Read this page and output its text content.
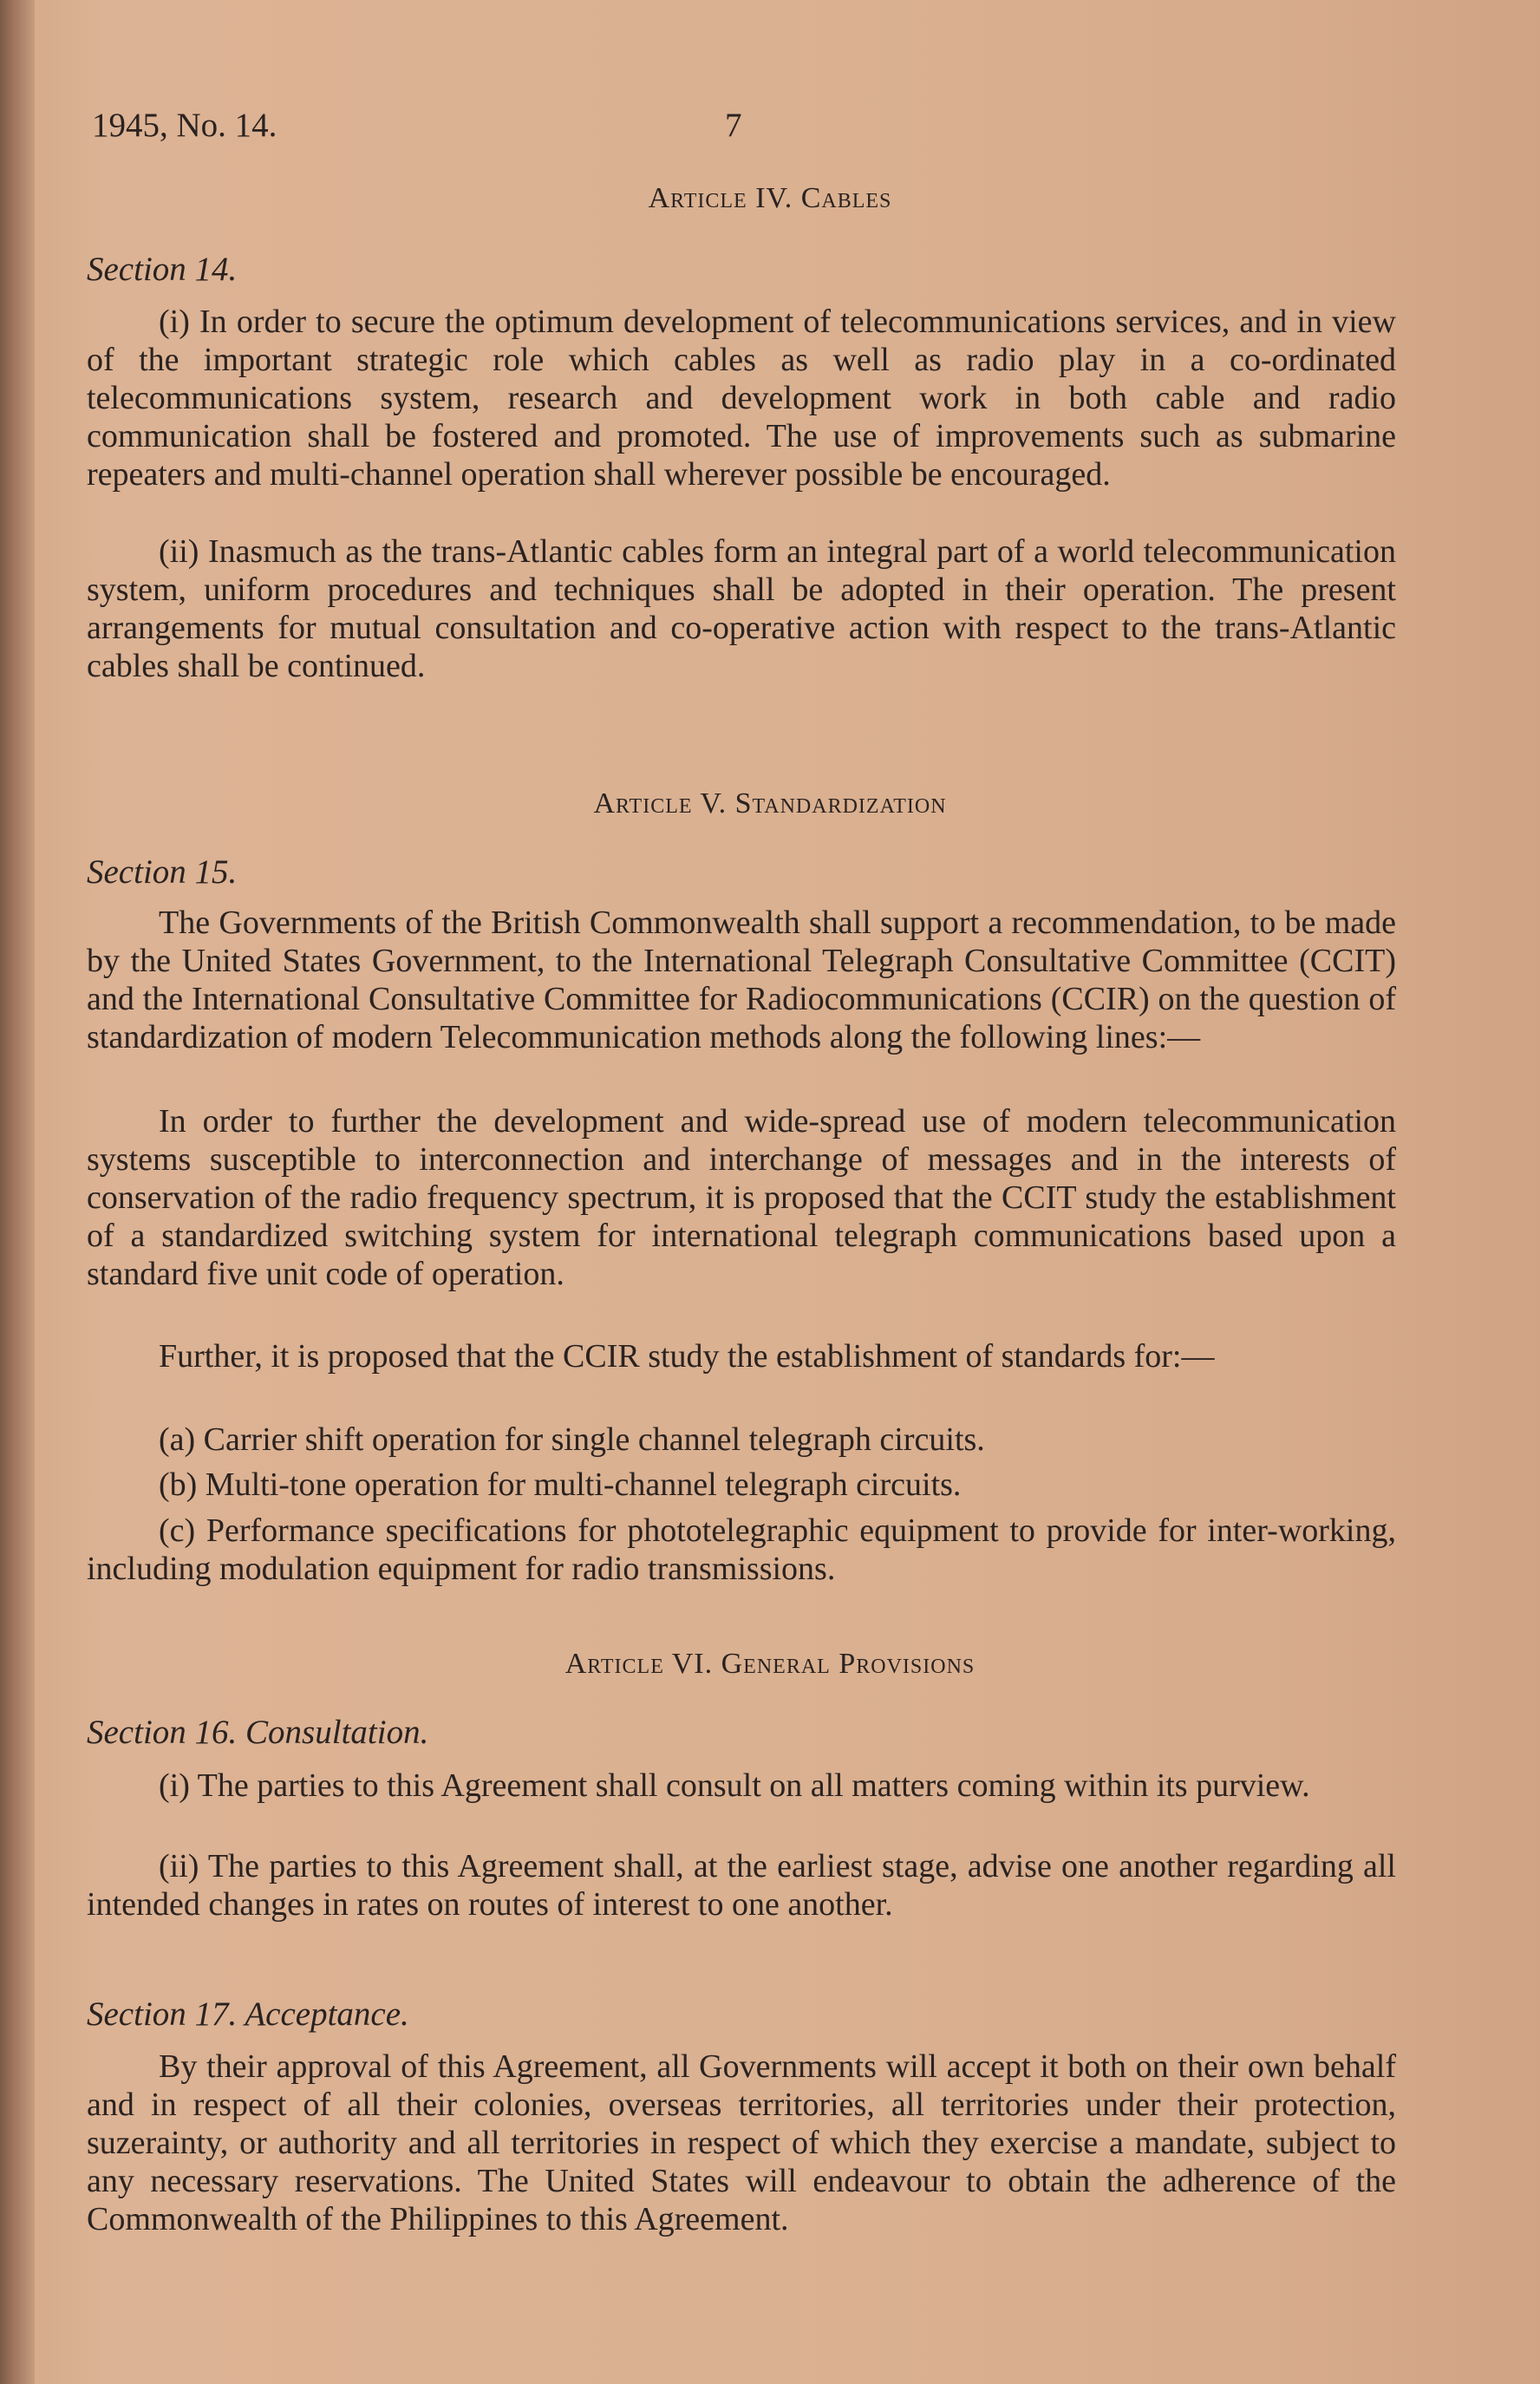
1945, No. 14.	7
Article IV. Cables
Section 14.
(i) In order to secure the optimum development of telecommunications services, and in view of the important strategic role which cables as well as radio play in a co-ordinated telecommunications system, research and development work in both cable and radio communication shall be fostered and promoted. The use of improvements such as submarine repeaters and multi-channel operation shall wherever possible be encouraged.
(ii) Inasmuch as the trans-Atlantic cables form an integral part of a world telecommunication system, uniform procedures and techniques shall be adopted in their operation. The present arrangements for mutual consultation and co-operative action with respect to the trans-Atlantic cables shall be continued.
Article V. Standardization
Section 15.
The Governments of the British Commonwealth shall support a recommendation, to be made by the United States Government, to the International Telegraph Consultative Committee (CCIT) and the International Consultative Committee for Radiocommunications (CCIR) on the question of standardization of modern Telecommunication methods along the following lines:—
In order to further the development and wide-spread use of modern telecommunication systems susceptible to interconnection and interchange of messages and in the interests of conservation of the radio frequency spectrum, it is proposed that the CCIT study the establishment of a standardized switching system for international telegraph communications based upon a standard five unit code of operation.
Further, it is proposed that the CCIR study the establishment of standards for:—
(a) Carrier shift operation for single channel telegraph circuits.
(b) Multi-tone operation for multi-channel telegraph circuits.
(c) Performance specifications for phototelegraphic equipment to provide for inter-working, including modulation equipment for radio transmissions.
Article VI. General Provisions
Section 16. Consultation.
(i) The parties to this Agreement shall consult on all matters coming within its purview.
(ii) The parties to this Agreement shall, at the earliest stage, advise one another regarding all intended changes in rates on routes of interest to one another.
Section 17. Acceptance.
By their approval of this Agreement, all Governments will accept it both on their own behalf and in respect of all their colonies, overseas territories, all territories under their protection, suzerainty, or authority and all territories in respect of which they exercise a mandate, subject to any necessary reservations. The United States will endeavour to obtain the adherence of the Commonwealth of the Philippines to this Agreement.
